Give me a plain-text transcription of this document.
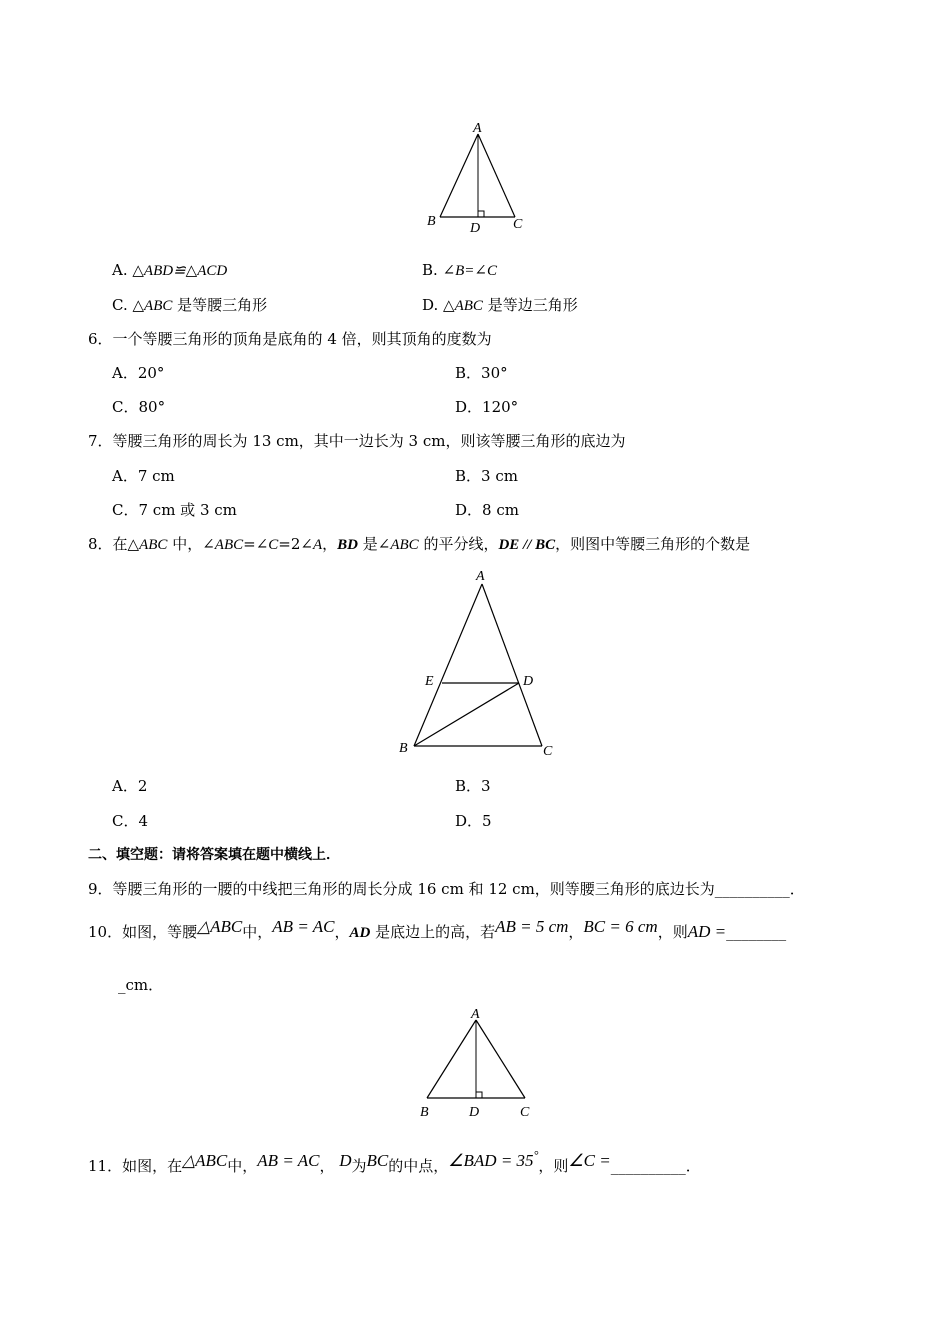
A
B D C
A. △ABD≌△ACD	B. ∠B=∠C
C. △ABC 是等腰三角形	D. △ABC 是等边三角形
6．一个等腰三角形的顶角是底角的 4 倍，则其顶角的度数为
A．20°	B．30°
C．80°	D．120°
7．等腰三角形的周长为 13 cm，其中一边长为 3 cm，则该等腰三角形的底边为
A．7 cm	B．3 cm
C．7 cm 或 3 cm	D．8 cm
8．在△ABC 中，∠ABC=∠C=2∠A，BD 是∠ABC 的平分线，DE // BC，则图中等腰三角形的个数是
A
E	D
B	C
A．2	B．3
C．4	D．5
二、填空题：请将答案填在题中横线上．
9．等腰三角形的一腰的中线把三角形的周长分成 16 cm 和 12 cm，则等腰三角形的底边长为__________．
10．如图，等腰△ABC中，AB = AC，AD 是底边上的高，若AB = 5 cm，BC = 6 cm，则AD =________
_cm．
A
B	D	C
11．如图，在△ABC中，AB = AC， D为BC的中点，∠BAD = 35°，则∠C =__________．
